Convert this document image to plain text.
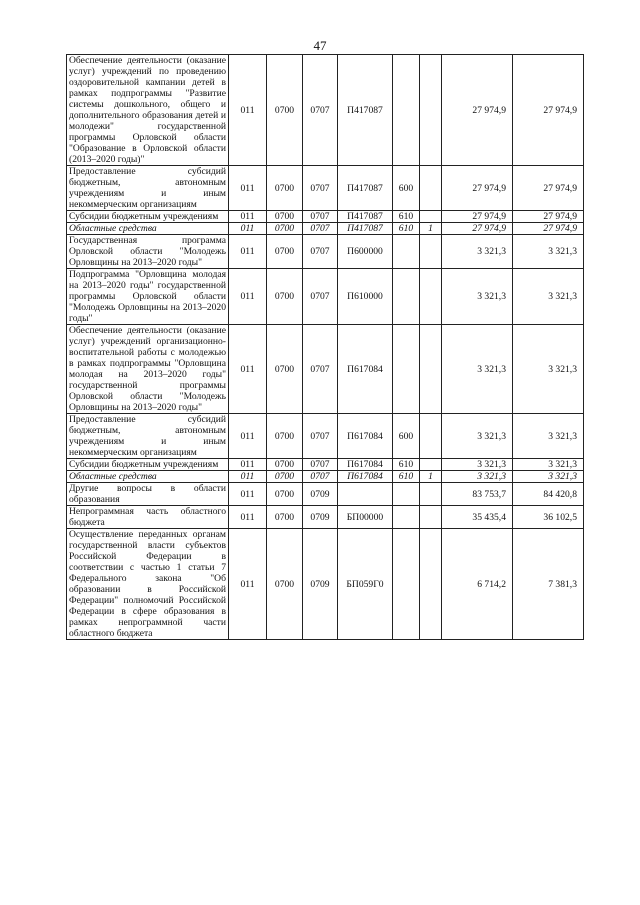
47
Обеспечение деятельности (оказание услуг) учреждений по проведению оздоровительной кампании детей в рамках подпрограммы "Развитие системы дошкольного, общего и дополнительного образования детей и молодежи" государственной программы Орловской области "Образование в Орловской области (2013–2020 годы)"	011	0700	0707	П417087			27 974,9	27 974,9
Предоставление субсидий бюджетным, автономным учреждениям и иным некоммерческим организациям	011	0700	0707	П417087	600		27 974,9	27 974,9
Субсидии бюджетным учреждениям	011	0700	0707	П417087	610		27 974,9	27 974,9
Областные средства	011	0700	0707	П417087	610	1	27 974,9	27 974,9
Государственная программа Орловской области "Молодежь Орловщины на 2013–2020 годы"	011	0700	0707	П600000			3 321,3	3 321,3
Подпрограмма "Орловщина молодая на 2013–2020 годы" государственной программы Орловской области "Молодежь Орловщины на 2013–2020 годы"	011	0700	0707	П610000			3 321,3	3 321,3
Обеспечение деятельности (оказание услуг) учреждений организационно-воспитательной работы с молодежью в рамках подпрограммы "Орловщина молодая на 2013–2020 годы" государственной программы Орловской области "Молодежь Орловщины на 2013–2020 годы"	011	0700	0707	П617084			3 321,3	3 321,3
Предоставление субсидий бюджетным, автономным учреждениям и иным некоммерческим организациям	011	0700	0707	П617084	600		3 321,3	3 321,3
Субсидии бюджетным учреждениям	011	0700	0707	П617084	610		3 321,3	3 321,3
Областные средства	011	0700	0707	П617084	610	1	3 321,3	3 321,3
Другие вопросы в области образования	011	0700	0709				83 753,7	84 420,8
Непрограммная часть областного бюджета	011	0700	0709	БП00000			35 435,4	36 102,5
Осуществление переданных органам государственной власти субъектов Российской Федерации в соответствии с частью 1 статьи 7 Федерального закона "Об образовании в Российской Федерации" полномочий Российской Федерации в сфере образования в рамках непрограммной части областного бюджета	011	0700	0709	БП059Г0			6 714,2	7 381,3
